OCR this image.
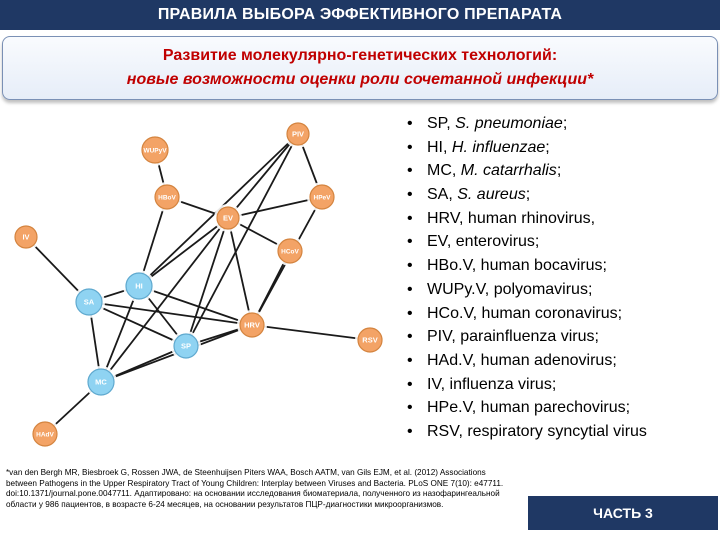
ПРАВИЛА ВЫБОРА ЭФФЕКТИВНОГО ПРЕПАРАТА
Развитие молекулярно-генетических технологий:
новые возможности оценки роли сочетанной инфекции*
PIV
WUPyV
HBoV	HPeV
EV
IV
HCoV
HI
SA
HRV
RSV
SP
MC
HAdV
• SP, S. pneumoniae;
• HI, H. influenzae;
• MC, M. catarrhalis;
• SA, S. aureus;
• HRV, human rhinovirus,
• EV, enterovirus;
• HBo.V, human bocavirus;
• WUPy.V, polyomavirus;
• HCo.V, human coronavirus;
• PIV, parainfluenza virus;
• HAd.V, human adenovirus;
• IV, influenza virus;
• HPe.V, human parechovirus;
• RSV, respiratory syncytial virus
*van den Bergh MR, Biesbroek G, Rossen JWA, de Steenhuijsen Piters WAA, Bosch AATM, van Gils EJM, et al. (2012) Associations between Pathogens in the Upper Respiratory Tract of Young Children: Interplay between Viruses and Bacteria. PLoS ONE 7(10): e47711. doi:10.1371/journal.pone.0047711. Адаптировано: на основании исследования биоматериала, полученного из назофарингеальной области у 986 пациентов, в возрасте 6-24 месяцев, на основании результатов ПЦР-диагностики микроорганизмов.
ЧАСТЬ 3
